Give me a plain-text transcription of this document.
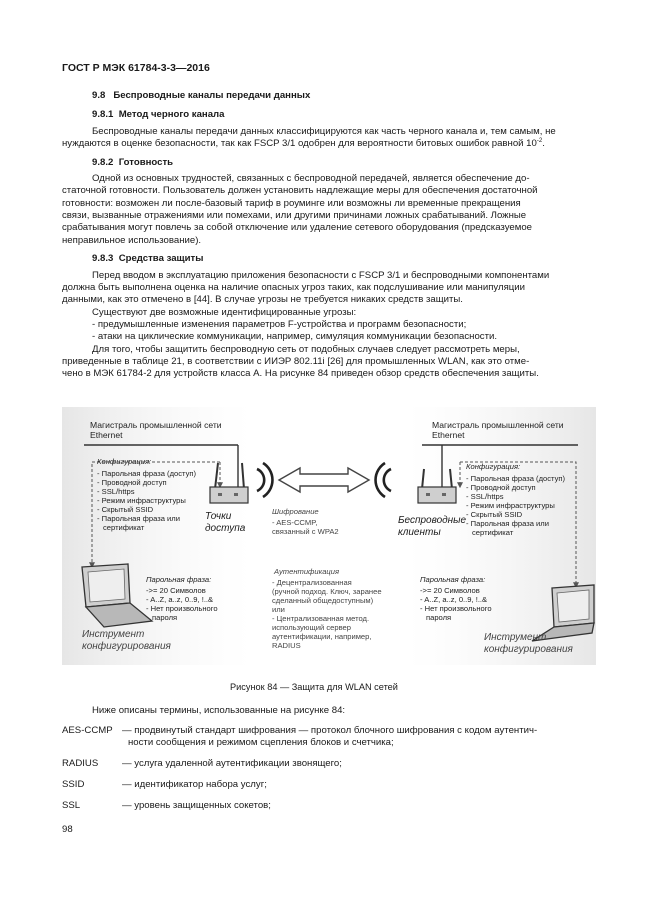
ГОСТ Р МЭК 61784-3-3—2016
9.8 Беспроводные каналы передачи данных
9.8.1 Метод черного канала
Беспроводные каналы передачи данных классифицируются как часть черного канала и, тем самым, не
нуждаются в оценке безопасности, так как FSCP 3/1 одобрен для вероятности битовых ошибок равной $10^{-2}$.
9.8.2 Готовность
Одной из основных трудностей, связанных с беспроводной передачей, является обеспечение до-
статочной готовности. Пользователь должен установить надлежащие меры для обеспечения достаточной
готовности: возможен ли после-базовый тариф в роуминге или возможны ли временные прекращения
связи, вызванные отражениями или помехами, или другими причинами ложных срабатываний. Ложные
срабатывания могут повлечь за собой отключение или удаление сетевого оборудования (предсказуемое
неправильное использование).
9.8.3 Средства защиты
Перед вводом в эксплуатацию приложения безопасности с FSCP 3/1 и беспроводными компонентами
должна быть выполнена оценка на наличие опасных угроз таких, как подслушивание или манипуляции
данными, как это отмечено в [44]. В случае угрозы не требуется никаких средств защиты.
Существуют две возможные идентифицированные угрозы:
- предумышленные изменения параметров F-устройства и программ безопасности;
- атаки на циклические коммуникации, например, симуляция коммуникации безопасности.
Для того, чтобы защитить беспроводную сеть от подобных случаев следует рассмотреть меры,
приведенные в таблице 21, в соответствии с ИИЭР 802.11i [26] для промышленных WLAN, как это отме-
чено в МЭК 61784-2 для устройств класса А. На рисунке 84 приведен обзор средств обеспечения защиты.
Магистраль промышленной сети
Ethernet
Конфигурация:
- Парольная фраза (доступ)
- Проводной доступ
- SSL/https
- Режим инфраструктуры
- Скрытый SSID
- Парольная фраза или
сертификат
Точки
доступа
Парольная фраза:
->= 20 Символов
- A..Z, a..z, 0..9, !..&
- Нет произвольного
пароля
Инструмент
конфигурирования
Шифрование
- AES-CCMP,
связанный с WPA2
Аутентификация
- Децентрализованная
(ручной подход. Ключ, заранее
сделанный общедоступным)
или
- Централизованная метод.
использующий сервер
аутентификации, например,
RADIUS
Магистраль промышленной сети
Ethernet
Конфигурация:
- Парольная фраза (доступ)
- Проводной доступ
- SSL/https
- Режим инфраструктуры
- Скрытый SSID
- Парольная фраза или
сертификат
Беспроводные
клиенты
Парольная фраза:
->= 20 Символов
- A..Z, a..z, 0..9, !..&
- Нет произвольного
пароля
Инструмент
конфигурирования
Рисунок 84 — Защита для WLAN сетей
Ниже описаны термины, использованные на рисунке 84:
AES-CCMP — продвинутый стандарт шифрования — протокол блочного шифрования с кодом аутентич-
ности сообщения и режимом сцепления блоков и счетчика;
RADIUS — услуга удаленной аутентификации звонящего;
SSID	— идентификатор набора услуг;
SSL	— уровень защищенных сокетов;
98
